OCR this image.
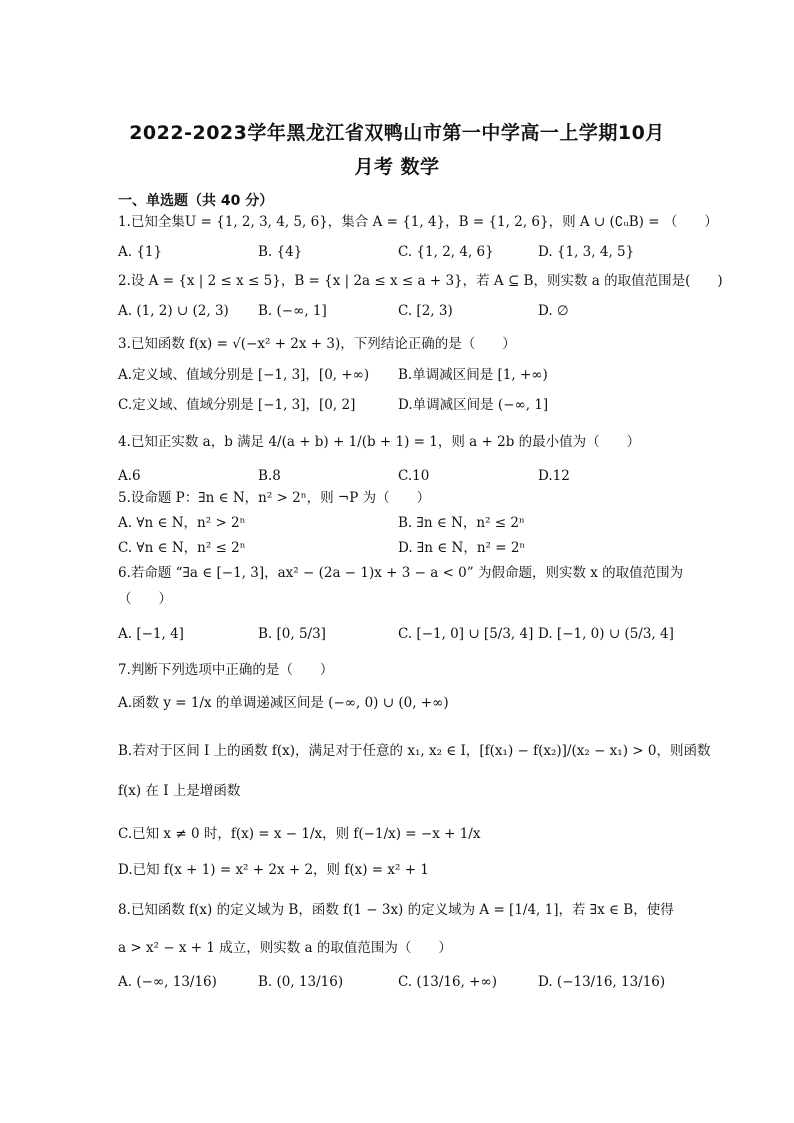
2022-2023学年黑龙江省双鸭山市第一中学高一上学期10月
月考 数学
一、单选题（共 40 分）
1.已知全集U = {1, 2, 3, 4, 5, 6}，集合 A = {1, 4}，B = {1, 2, 6}，则 A ∪ (∁ᵤB) = （　　）
A. {1}	B. {4}	C. {1, 2, 4, 6}	D. {1, 3, 4, 5}
2.设 A = {x | 2 ≤ x ≤ 5}，B = {x | 2a ≤ x ≤ a + 3}，若 A ⊆ B，则实数 a 的取值范围是(　　)
A. (1, 2) ∪ (2, 3) B. (−∞, 1]	C. [2, 3)	D. ∅
3.已知函数 f(x) = √(−x² + 2x + 3)，下列结论正确的是（　　）
A.定义域、值域分别是 [−1, 3]，[0, +∞) B.单调减区间是 [1, +∞)
C.定义域、值域分别是 [−1, 3]，[0, 2]	D.单调减区间是 (−∞, 1]
4.已知正实数 a，b 满足 4/(a + b) + 1/(b + 1) = 1，则 a + 2b 的最小值为（　　）
A.6	B.8	C.10	D.12
5.设命题 P：∃n ∈ N，n² > 2ⁿ，则 ¬P 为（　　）
A. ∀n ∈ N，n² > 2ⁿ	B. ∃n ∈ N，n² ≤ 2ⁿ
C. ∀n ∈ N，n² ≤ 2ⁿ	D. ∃n ∈ N，n² = 2ⁿ
6.若命题 “∃a ∈ [−1, 3]，ax² − (2a − 1)x + 3 − a < 0” 为假命题，则实数 x 的取值范围为
（　　）
A. [−1, 4]	B. [0, 5/3]	C. [−1, 0] ∪ [5/3, 4] D. [−1, 0) ∪ (5/3, 4]
7.判断下列选项中正确的是（　　）
A.函数 y = 1/x 的单调递减区间是 (−∞, 0) ∪ (0, +∞)
B.若对于区间 I 上的函数 f(x)，满足对于任意的 x₁, x₂ ∈ I，[f(x₁) − f(x₂)]/(x₂ − x₁) > 0，则函数
f(x) 在 I 上是增函数
C.已知 x ≠ 0 时，f(x) = x − 1/x，则 f(−1/x) = −x + 1/x
D.已知 f(x + 1) = x² + 2x + 2，则 f(x) = x² + 1
8.已知函数 f(x) 的定义域为 B，函数 f(1 − 3x) 的定义域为 A = [1/4, 1]，若 ∃x ∈ B，使得
a > x² − x + 1 成立，则实数 a 的取值范围为（　　）
A. (−∞, 13/16)	B. (0, 13/16)	C. (13/16, +∞)	D. (−13/16, 13/16)
